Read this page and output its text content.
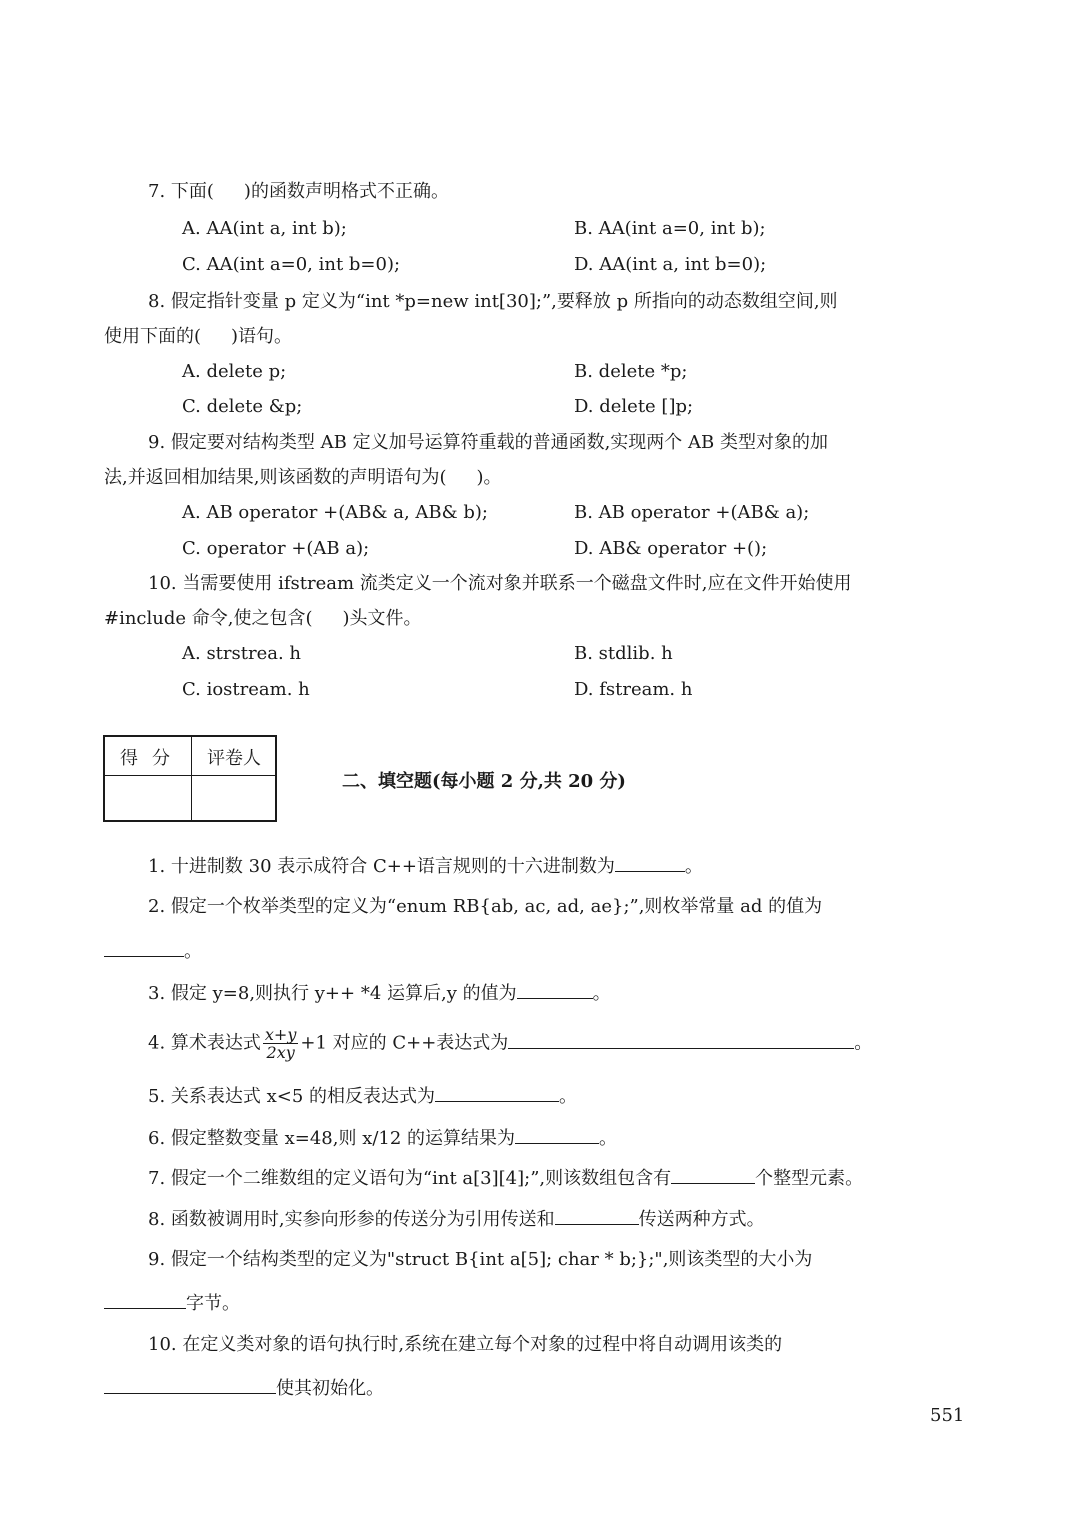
7. 下面( )的函数声明格式不正确。
A. AA(int a, int b);	B. AA(int a=0, int b);
C. AA(int a=0, int b=0);	D. AA(int a, int b=0);
8. 假定指针变量 p 定义为“int *p=new int[30];”,要释放 p 所指向的动态数组空间,则
使用下面的( )语句。
A. delete p;	B. delete *p;
C. delete &p;	D. delete []p;
9. 假定要对结构类型 AB 定义加号运算符重载的普通函数,实现两个 AB 类型对象的加
法,并返回相加结果,则该函数的声明语句为( )。
A. AB operator +(AB& a, AB& b);	B. AB operator +(AB& a);
C. operator +(AB a);	D. AB& operator +();
10. 当需要使用 ifstream 流类定义一个流对象并联系一个磁盘文件时,应在文件开始使用
#include 命令,使之包含( )头文件。
A. strstrea. h	B. stdlib. h
C. iostream. h	D. fstream. h
得分	评卷人
二、填空题(每小题 2 分,共 20 分)
1. 十进制数 30 表示成符合 C++语言规则的十六进制数为	。
2. 假定一个枚举类型的定义为“enum RB{ab, ac, ad, ae};”,则枚举常量 ad 的值为
。
3. 假定 y=8,则执行 y++ *4 运算后,y 的值为	。
4. 算术表达式 $\frac{x+y}{2xy} +1$ 对应的 C++表达式为	。
5. 关系表达式 x<5 的相反表达式为	。
6. 假定整数变量 x=48,则 x/12 的运算结果为	。
7. 假定一个二维数组的定义语句为“int a[3][4];”,则该数组包含有	个整型元素。
8. 函数被调用时,实参向形参的传送分为引用传送和	传送两种方式。
9. 假定一个结构类型的定义为"struct B{int a[5]; char * b;};",则该类型的大小为
字节。
10. 在定义类对象的语句执行时,系统在建立每个对象的过程中将自动调用该类的
使其初始化。
551
